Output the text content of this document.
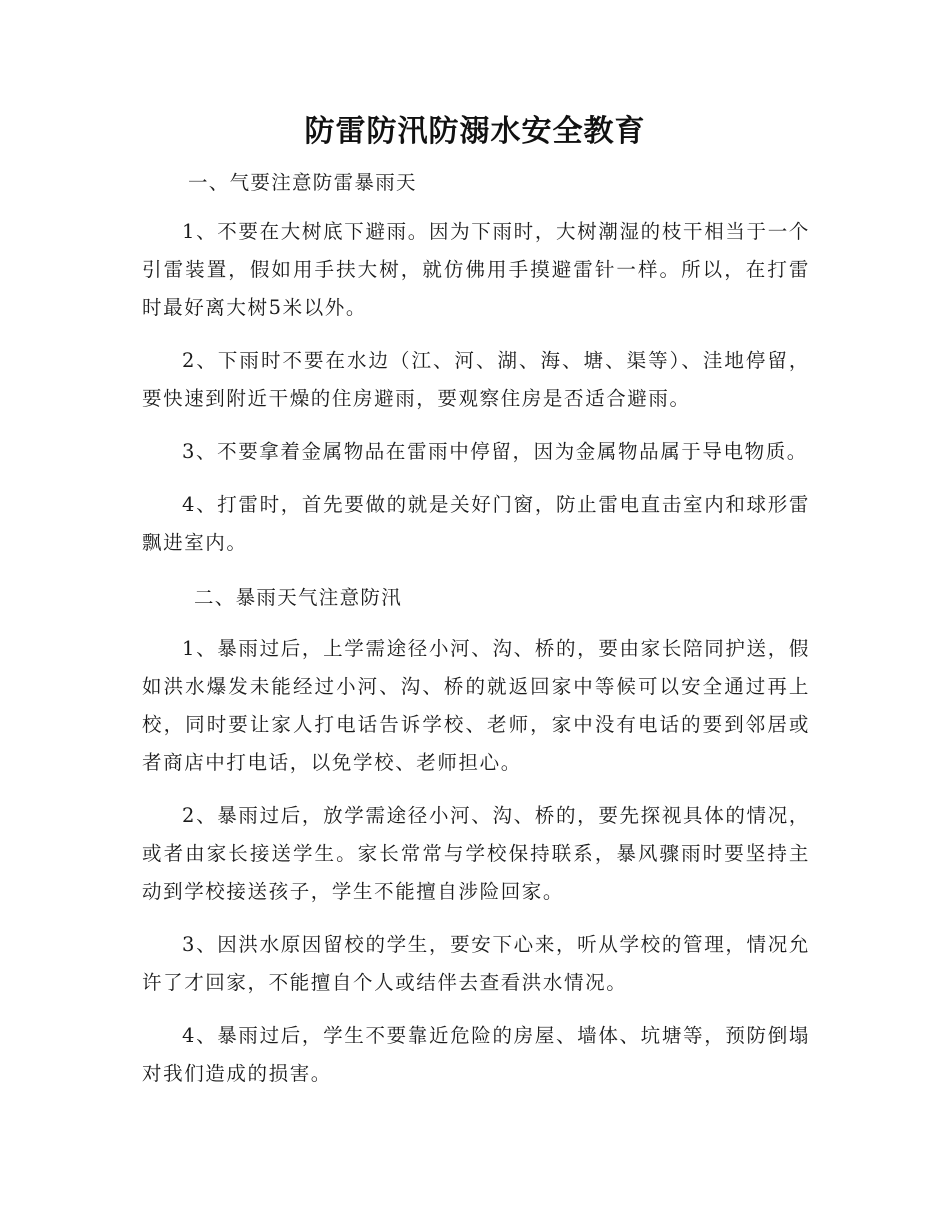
防雷防汛防溺水安全教育

一、气要注意防雷暴雨天

1、不要在大树底下避雨。因为下雨时，大树潮湿的枝干相当于一个引雷装置，假如用手扶大树，就仿佛用手摸避雷针一样。所以，在打雷时最好离大树5米以外。

2、下雨时不要在水边（江、河、湖、海、塘、渠等）、洼地停留，要快速到附近干燥的住房避雨，要观察住房是否适合避雨。

3、不要拿着金属物品在雷雨中停留，因为金属物品属于导电物质。

4、打雷时，首先要做的就是关好门窗，防止雷电直击室内和球形雷飘进室内。

二、暴雨天气注意防汛

1、暴雨过后，上学需途径小河、沟、桥的，要由家长陪同护送，假如洪水爆发未能经过小河、沟、桥的就返回家中等候可以安全通过再上校，同时要让家人打电话告诉学校、老师，家中没有电话的要到邻居或者商店中打电话，以免学校、老师担心。

2、暴雨过后，放学需途径小河、沟、桥的，要先探视具体的情况，或者由家长接送学生。家长常常与学校保持联系，暴风骤雨时要坚持主动到学校接送孩子，学生不能擅自涉险回家。

3、因洪水原因留校的学生，要安下心来，听从学校的管理，情况允许了才回家，不能擅自个人或结伴去查看洪水情况。

4、暴雨过后，学生不要靠近危险的房屋、墙体、坑塘等，预防倒塌对我们造成的损害。
